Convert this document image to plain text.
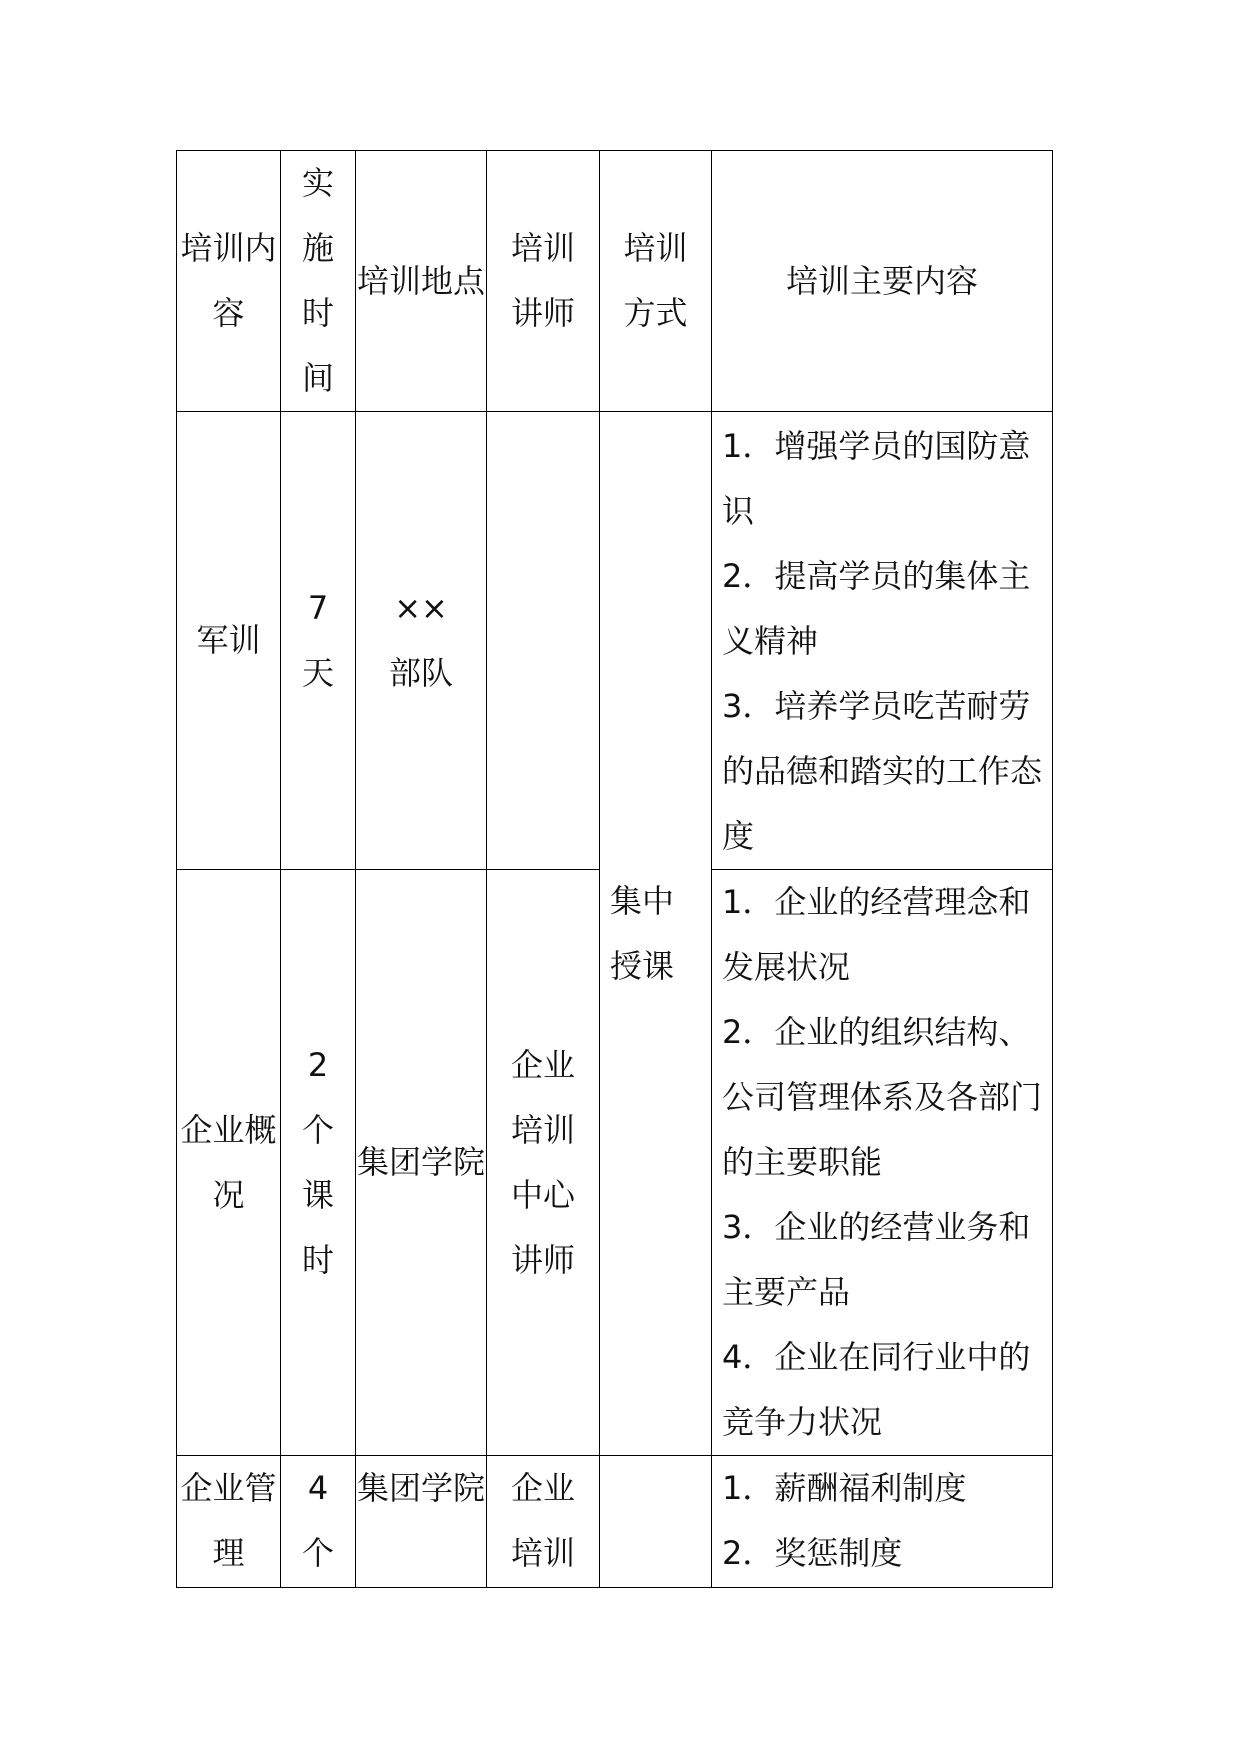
培训内容	实施时间	培训地点	培训讲师	培训方式	培训主要内容

军训	7天	××部队		集中授课	1．增强学员的国防意识
2．提高学员的集体主义精神
3．培养学员吃苦耐劳的品德和踏实的工作态度

企业概况	2个课时	集团学院	企业培训中心讲师		1．企业的经营理念和发展状况
2．企业的组织结构、公司管理体系及各部门的主要职能
3．企业的经营业务和主要产品
4．企业在同行业中的竞争力状况

企业管理	4个	集团学院	企业培训		1．薪酬福利制度
2．奖惩制度
